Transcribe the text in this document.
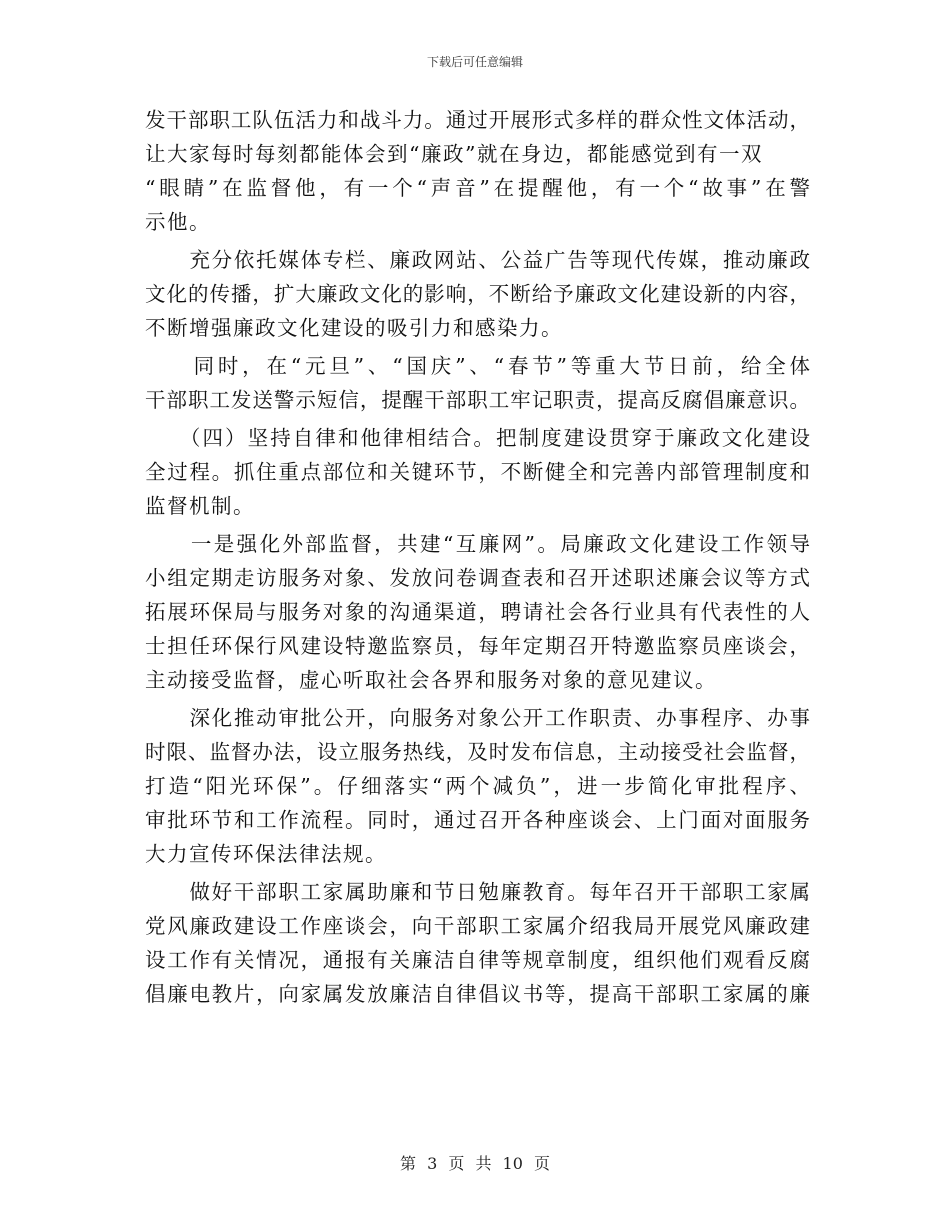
下载后可任意编辑
发干部职工队伍活力和战斗力。通过开展形式多样的群众性文体活动，
让大家每时每刻都能体会到“廉政”就在身边，都能感觉到有一双
“眼睛”在监督他，有一个“声音”在提醒他，有一个“故事”在警
示他。
　　充分依托媒体专栏、廉政网站、公益广告等现代传媒，推动廉政
文化的传播，扩大廉政文化的影响，不断给予廉政文化建设新的内容，
不断增强廉政文化建设的吸引力和感染力。
　　同时，在“元旦”、“国庆”、“春节”等重大节日前，给全体
干部职工发送警示短信，提醒干部职工牢记职责，提高反腐倡廉意识。
　　（四）坚持自律和他律相结合。把制度建设贯穿于廉政文化建设
全过程。抓住重点部位和关键环节，不断健全和完善内部管理制度和
监督机制。
　　一是强化外部监督，共建“互廉网”。局廉政文化建设工作领导
小组定期走访服务对象、发放问卷调查表和召开述职述廉会议等方式
拓展环保局与服务对象的沟通渠道，聘请社会各行业具有代表性的人
士担任环保行风建设特邀监察员，每年定期召开特邀监察员座谈会，
主动接受监督，虚心听取社会各界和服务对象的意见建议。
　　深化推动审批公开，向服务对象公开工作职责、办事程序、办事
时限、监督办法，设立服务热线，及时发布信息，主动接受社会监督，
打造“阳光环保”。仔细落实“两个减负”，进一步简化审批程序、
审批环节和工作流程。同时，通过召开各种座谈会、上门面对面服务
大力宣传环保法律法规。
　　做好干部职工家属助廉和节日勉廉教育。每年召开干部职工家属
党风廉政建设工作座谈会，向干部职工家属介绍我局开展党风廉政建
设工作有关情况，通报有关廉洁自律等规章制度，组织他们观看反腐
倡廉电教片，向家属发放廉洁自律倡议书等，提高干部职工家属的廉
第 3 页 共 10 页
